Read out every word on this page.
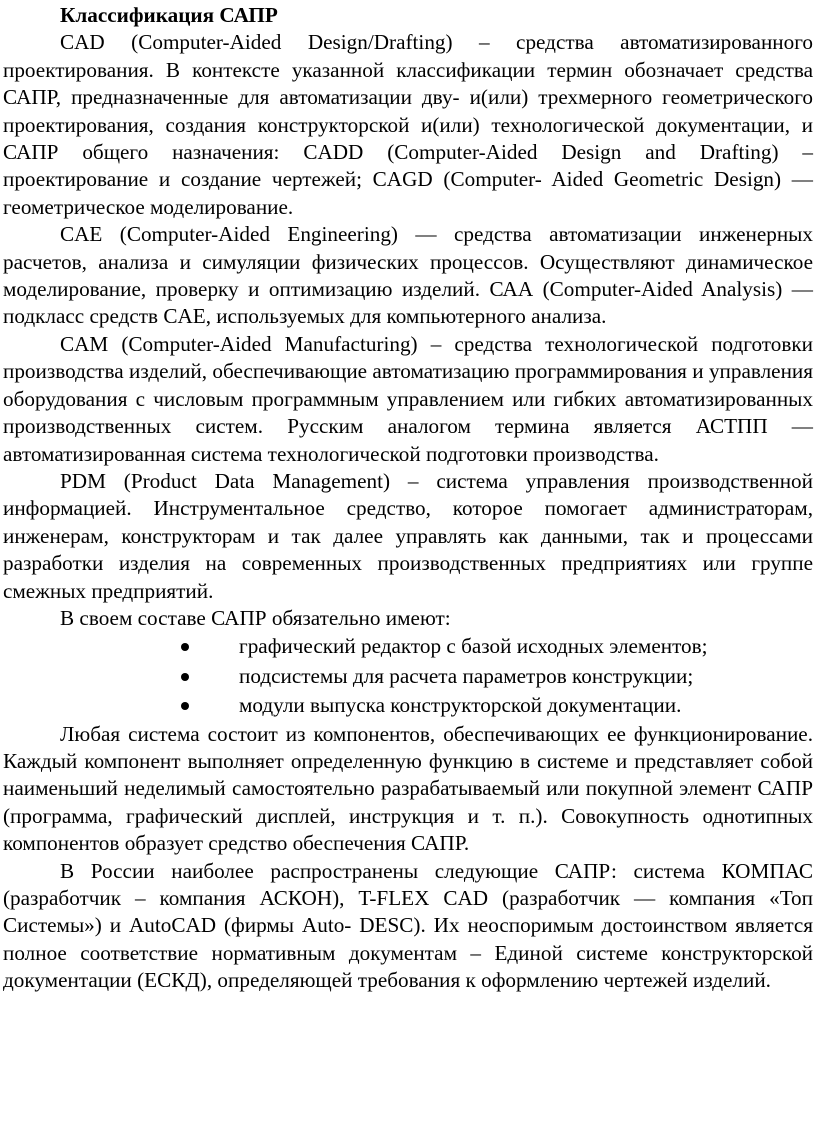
Классификация САПР

CAD (Computer-Aided Design/Drafting) – средства автоматизированного проектирования. В контексте указанной классификации термин обозначает средства САПР, предназначенные для автоматизации дву- и(или) трехмерного геометрического проектирования, создания конструкторской и(или) технологической документации, и САПР общего назначения: CADD (Computer-Aided Design and Drafting) – проектирование и создание чертежей; CAGD (Computer- Aided Geometric Design) — геометрическое моделирование.

CAE (Computer-Aided Engineering) — средства автоматизации инженерных расчетов, анализа и симуляции физических процессов. Осуществляют динамическое моделирование, проверку и оптимизацию изделий. САА (Computer-Aided Analysis) — подкласс средств CAE, используемых для компьютерного анализа.

CAM (Computer-Aided Manufacturing) – средства технологической подготовки производства изделий, обеспечивающие автоматизацию программирования и управления оборудования с числовым программным управлением или гибких автоматизированных производственных систем. Русским аналогом термина является АСТПП — автоматизированная система технологической подготовки производства.

PDM (Product Data Management) – система управления производственной информацией. Инструментальное средство, которое помогает администраторам, инженерам, конструкторам и так далее управлять как данными, так и процессами разработки изделия на современных производственных предприятиях или группе смежных предприятий.

В своем составе САПР обязательно имеют:

графический редактор с базой исходных элементов;
подсистемы для расчета параметров конструкции;
модули выпуска конструкторской документации.

Любая система состоит из компонентов, обеспечивающих ее функционирование. Каждый компонент выполняет определенную функцию в системе и представляет собой наименьший неделимый самостоятельно разрабатываемый или покупной элемент САПР (программа, графический дисплей, инструкция и т. п.). Совокупность однотипных компонентов образует средство обеспечения САПР.

В России наиболее распространены следующие САПР: система КОМПАС (разработчик – компания АСКОН), T-FLEX CAD (разработчик — компания «Топ Системы») и AutoCAD (фирмы Auto- DESC). Их неоспоримым достоинством является полное соответствие нормативным документам – Единой системе конструкторской документации (ЕСКД), определяющей требования к оформлению чертежей изделий.
